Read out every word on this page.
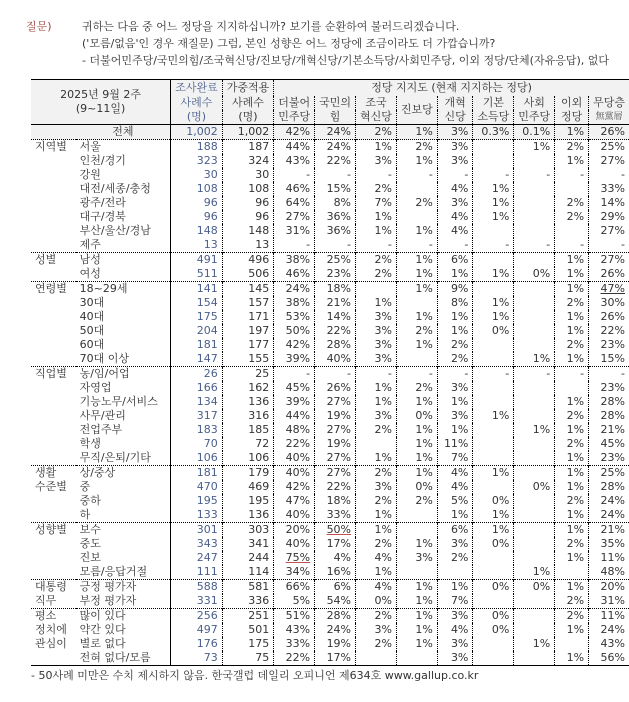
질문)	귀하는 다음 중 어느 정당을 지지하십니까? 보기를 순환하여 불러드리겠습니다.
('모름/없음'인 경우 재질문) 그럼, 본인 성향은 어느 정당에 조금이라도 더 가깝습니까?
- 더불어민주당/국민의힘/조국혁신당/진보당/개혁신당/기본소득당/사회민주당, 이외 정당/단체(자유응답), 없다
2025년 9월 2주
(9~11일)		조사완료	가중적용	정당 지지도 (현재 지지하는 정당)								
		사례수	사례수	더불어	국민의	조국	진보당	개혁	기본	사회	이외	무당층
		(명)	(명)	민주당	힘	혁신당		신당	소득당	민주당	정당	無黨層
	전체	1,002	1,002	42%	24%	2%	1%	3%	0.3%	0.1%	1%	26%
지역별	서울	188	187	44%	24%	1%	2%	3%		1%	2%	25%
	인천/경기	323	324	43%	22%	3%	1%	3%			1%	27%
	강원	30	30	-	-	-	-	-	-	-	-	-
	대전/세종/충청	108	108	46%	15%	2%		4%	1%			33%
	광주/전라	96	96	64%	8%	7%	2%	3%	1%		2%	14%
	대구/경북	96	96	27%	36%	1%		4%	1%		2%	29%
	부산/울산/경남	148	148	31%	36%	1%	1%	4%				27%
	제주	13	13	-	-	-	-	-	-	-	-	-
성별	남성	491	496	38%	25%	2%	1%	6%			1%	27%
	여성	511	506	46%	23%	2%	1%	1%	1%	0%	1%	26%
연령별	18~29세	141	145	24%	18%		1%	9%			1%	47%
	30대	154	157	38%	21%	1%		8%	1%		2%	30%
	40대	175	171	53%	14%	3%	1%	1%	1%		1%	26%
	50대	204	197	50%	22%	3%	2%	1%	0%		1%	22%
	60대	181	177	42%	28%	3%	1%	2%			2%	23%
	70대 이상	147	155	39%	40%	3%		2%		1%	1%	15%
직업별	농/임/어업	26	25	-	-	-	-	-	-	-	-	-
	자영업	166	162	45%	26%	1%	2%	3%				23%
	기능노무/서비스	134	136	39%	27%	1%	1%	1%			1%	28%
	사무/관리	317	316	44%	19%	3%	0%	3%	1%		2%	28%
	전업주부	183	185	48%	27%	2%	1%	1%		1%	1%	21%
	학생	70	72	22%	19%		1%	11%			2%	45%
	무직/은퇴/기타	106	106	40%	27%	1%	1%	7%			1%	23%
생활	상/중상	181	179	40%	27%	2%	1%	4%	1%		1%	25%
수준별	중	470	469	42%	22%	3%	0%	4%		0%	1%	28%
	중하	195	195	47%	18%	2%	2%	5%	0%		2%	24%
	하	133	136	40%	33%	1%		1%	1%		1%	24%
성향별	보수	301	303	20%	50%	1%		6%	1%		1%	21%
	중도	343	341	40%	17%	2%	1%	3%	0%		2%	35%
	진보	247	244	75%	4%	4%	3%	2%			1%	11%
	모름/응답거절	111	114	34%	16%	1%				1%		48%
대통령	긍정 평가자	588	581	66%	6%	4%	1%	1%	0%	0%	1%	20%
직무	부정 평가자	331	336	5%	54%	0%	1%	7%			2%	31%
평소	많이 있다	256	251	51%	28%	2%	1%	3%	0%		2%	11%
정치에	약간 있다	497	501	43%	24%	3%	1%	4%	0%		1%	24%
관심이	별로 없다	176	175	33%	19%	2%	1%	3%		1%		43%
	전혀 없다/모름	73	75	22%	17%			3%			1%	56%
- 50사례 미만은 수치 제시하지 않음. 한국갤럽 데일리 오피니언 제634호 www.gallup.co.kr
